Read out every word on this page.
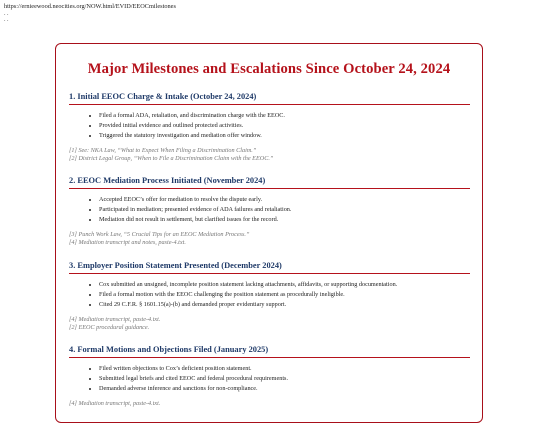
https://ernieewood.neocities.org/NOW.html/EVID/EEOCmilestones
. .
. .
Major Milestones and Escalations Since October 24, 2024
1. Initial EEOC Charge & Intake (October 24, 2024)
• Filed a formal ADA, retaliation, and discrimination charge with the EEOC.
• Provided initial evidence and outlined protected activities.
• Triggered the statutory investigation and mediation offer window.
[1] See: NKA Law, “What to Expect When Filing a Discrimination Claim.”
[2] District Legal Group, “When to File a Discrimination Claim with the EEOC.”
2. EEOC Mediation Process Initiated (November 2024)
• Accepted EEOC’s offer for mediation to resolve the dispute early.
• Participated in mediation; presented evidence of ADA failures and retaliation.
• Mediation did not result in settlement, but clarified issues for the record.
[3] Punch Work Law, “5 Crucial Tips for an EEOC Mediation Process.”
[4] Mediation transcript and notes, paste-4.txt.
3. Employer Position Statement Presented (December 2024)
• Cox submitted an unsigned, incomplete position statement lacking attachments, affidavits, or supporting documentation.
• Filed a formal motion with the EEOC challenging the position statement as procedurally ineligible.
• Cited 29 C.F.R. § 1601.15(a)-(b) and demanded proper evidentiary support.
[4] Mediation transcript, paste-4.txt.
[2] EEOC procedural guidance.
4. Formal Motions and Objections Filed (January 2025)
• Filed written objections to Cox’s deficient position statement.
• Submitted legal briefs and cited EEOC and federal procedural requirements.
• Demanded adverse inference and sanctions for non-compliance.
[4] Mediation transcript, paste-4.txt.
